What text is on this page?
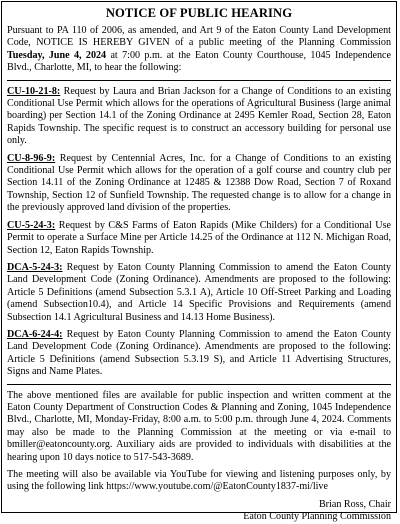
NOTICE OF PUBLIC HEARING

Pursuant to PA 110 of 2006, as amended, and Art 9 of the Eaton County Land Development Code, NOTICE IS HEREBY GIVEN of a public meeting of the Planning Commission Tuesday, June 4, 2024 at 7:00 p.m. at the Eaton County Courthouse, 1045 Independence Blvd., Charlotte, MI, to hear the following:

CU-10-21-8: Request by Laura and Brian Jackson for a Change of Conditions to an existing Conditional Use Permit which allows for the operations of Agricultural Business (large animal boarding) per Section 14.1 of the Zoning Ordinance at 2495 Kemler Road, Section 28, Eaton Rapids Township. The specific request is to construct an accessory building for personal use only.

CU-8-96-9: Request by Centennial Acres, Inc. for a Change of Conditions to an existing Conditional Use Permit which allows for the operation of a golf course and country club per Section 14.11 of the Zoning Ordinance at 12485 & 12388 Dow Road, Section 7 of Roxand Township, Section 12 of Sunfield Township. The requested change is to allow for a change in the previously approved land division of the properties.

CU-5-24-3: Request by C&S Farms of Eaton Rapids (Mike Childers) for a Conditional Use Permit to operate a Surface Mine per Article 14.25 of the Ordinance at 112 N. Michigan Road, Section 12, Eaton Rapids Township.

DCA-5-24-3: Request by Eaton County Planning Commission to amend the Eaton County Land Development Code (Zoning Ordinance). Amendments are proposed to the following: Article 5 Definitions (amend Subsection 5.3.1 A), Article 10 Off-Street Parking and Loading (amend Subsection10.4), and Article 14 Specific Provisions and Requirements (amend Subsection 14.1 Agricultural Business and 14.13 Home Business).

DCA-6-24-4: Request by Eaton County Planning Commission to amend the Eaton County Land Development Code (Zoning Ordinance). Amendments are proposed to the following: Article 5 Definitions (amend Subsection 5.3.19 S), and Article 11 Advertising Structures, Signs and Name Plates.

The above mentioned files are available for public inspection and written comment at the Eaton County Department of Construction Codes & Planning and Zoning, 1045 Independence Blvd., Charlotte, MI, Monday-Friday, 8:00 a.m. to 5:00 p.m. through June 4, 2024. Comments may also be made to the Planning Commission at the meeting or via e-mail to bmiller@eatoncounty.org. Auxiliary aids are provided to individuals with disabilities at the hearing upon 10 days notice to 517-543-3689.

The meeting will also be available via YouTube for viewing and listening purposes only, by using the following link https://www.youtube.com/@EatonCounty1837-mi/live

Brian Ross, Chair
Eaton County Planning Commission
